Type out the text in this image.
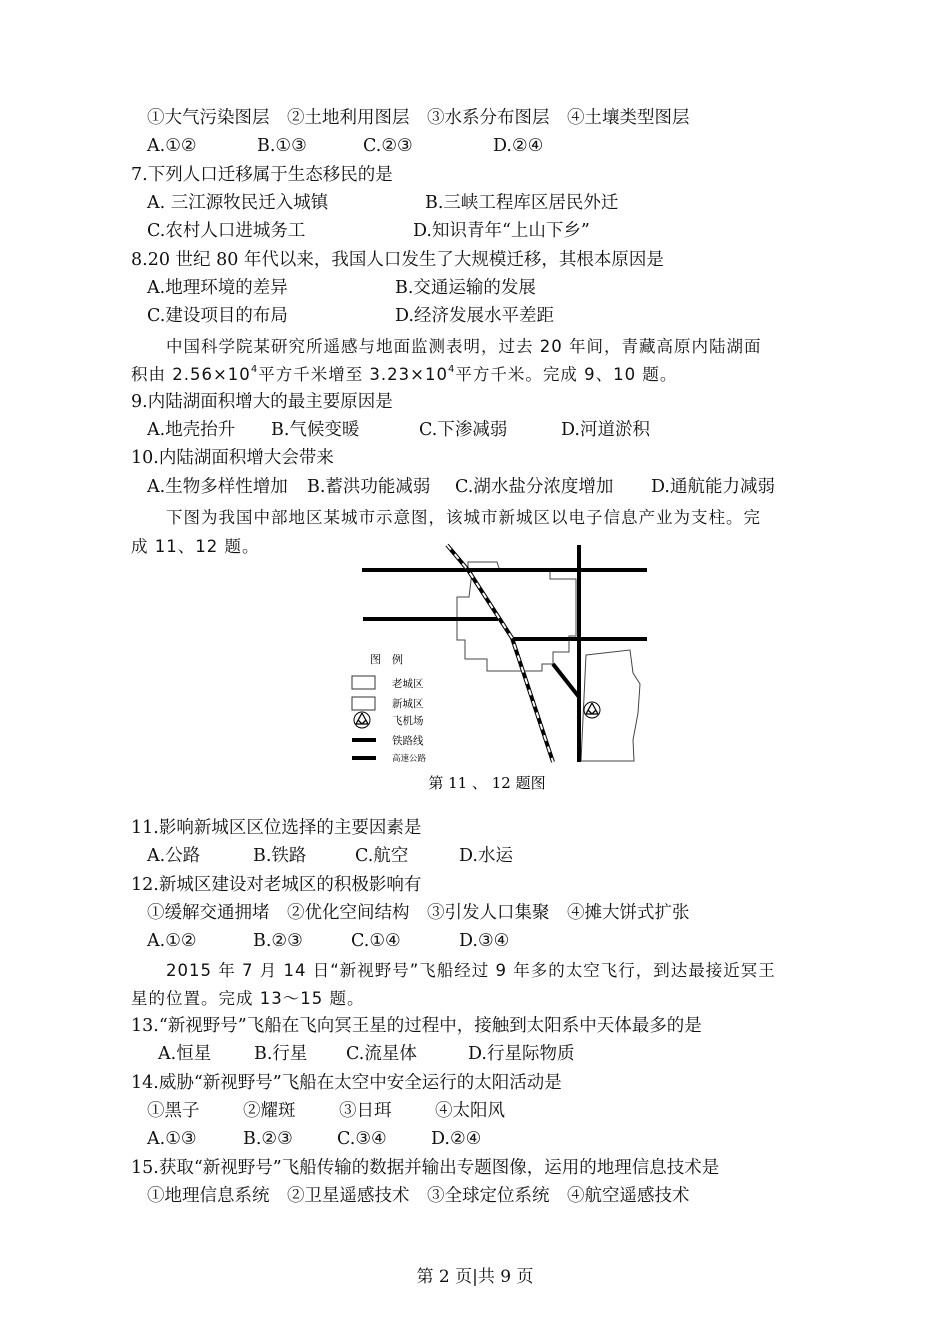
①大气污染图层　②土地利用图层　③水系分布图层　④土壤类型图层
A.①②	B.①③	C.②③	D.②④
7.下列人口迁移属于生态移民的是
A. 三江源牧民迁入城镇	B.三峡工程库区居民外迁
C.农村人口进城务工	D.知识青年“上山下乡”
8.20 世纪 80 年代以来，我国人口发生了大规模迁移，其根本原因是
A.地理环境的差异	B.交通运输的发展
C.建设项目的布局	D.经济发展水平差距
中国科学院某研究所遥感与地面监测表明，过去 20 年间，青藏高原内陆湖面
积由 $2.56\times 10^4$平方千米增至 $3.23\times 10^4$平方千米。完成 9、10 题。
9.内陆湖面积增大的最主要原因是
A.地壳抬升 B.气候变暖	C.下渗减弱	D.河道淤积
10.内陆湖面积增大会带来
A.生物多样性增加 B.蓄洪功能减弱 C.湖水盐分浓度增加 D.通航能力减弱
下图为我国中部地区某城市示意图，该城市新城区以电子信息产业为支柱。完
成 11、12 题。
图　例
老城区
新城区
飞机场
铁路线
高速公路
第 11 、 12 题图
11.影响新城区区位选择的主要因素是
A.公路	B.铁路	C.航空	D.水运
12.新城区建设对老城区的积极影响有
①缓解交通拥堵　②优化空间结构　③引发人口集聚　④摊大饼式扩张
A.①②	B.②③	C.①④	D.③④
2015 年 7 月 14 日“新视野号”飞船经过 9 年多的太空飞行，到达最接近冥王
星的位置。完成 13～15 题。
13.“新视野号”飞船在飞向冥王星的过程中，接触到太阳系中天体最多的是
A.恒星 B.行星 C.流星体	D.行星际物质
14.威胁“新视野号”飞船在太空中安全运行的太阳活动是
①黑子 ②耀斑 ③日珥 ④太阳风
A.①③	B.②③	C.③④	D.②④
15.获取“新视野号”飞船传输的数据并输出专题图像，运用的地理信息技术是
①地理信息系统　②卫星遥感技术　③全球定位系统　④航空遥感技术
第 2 页|共 9 页
